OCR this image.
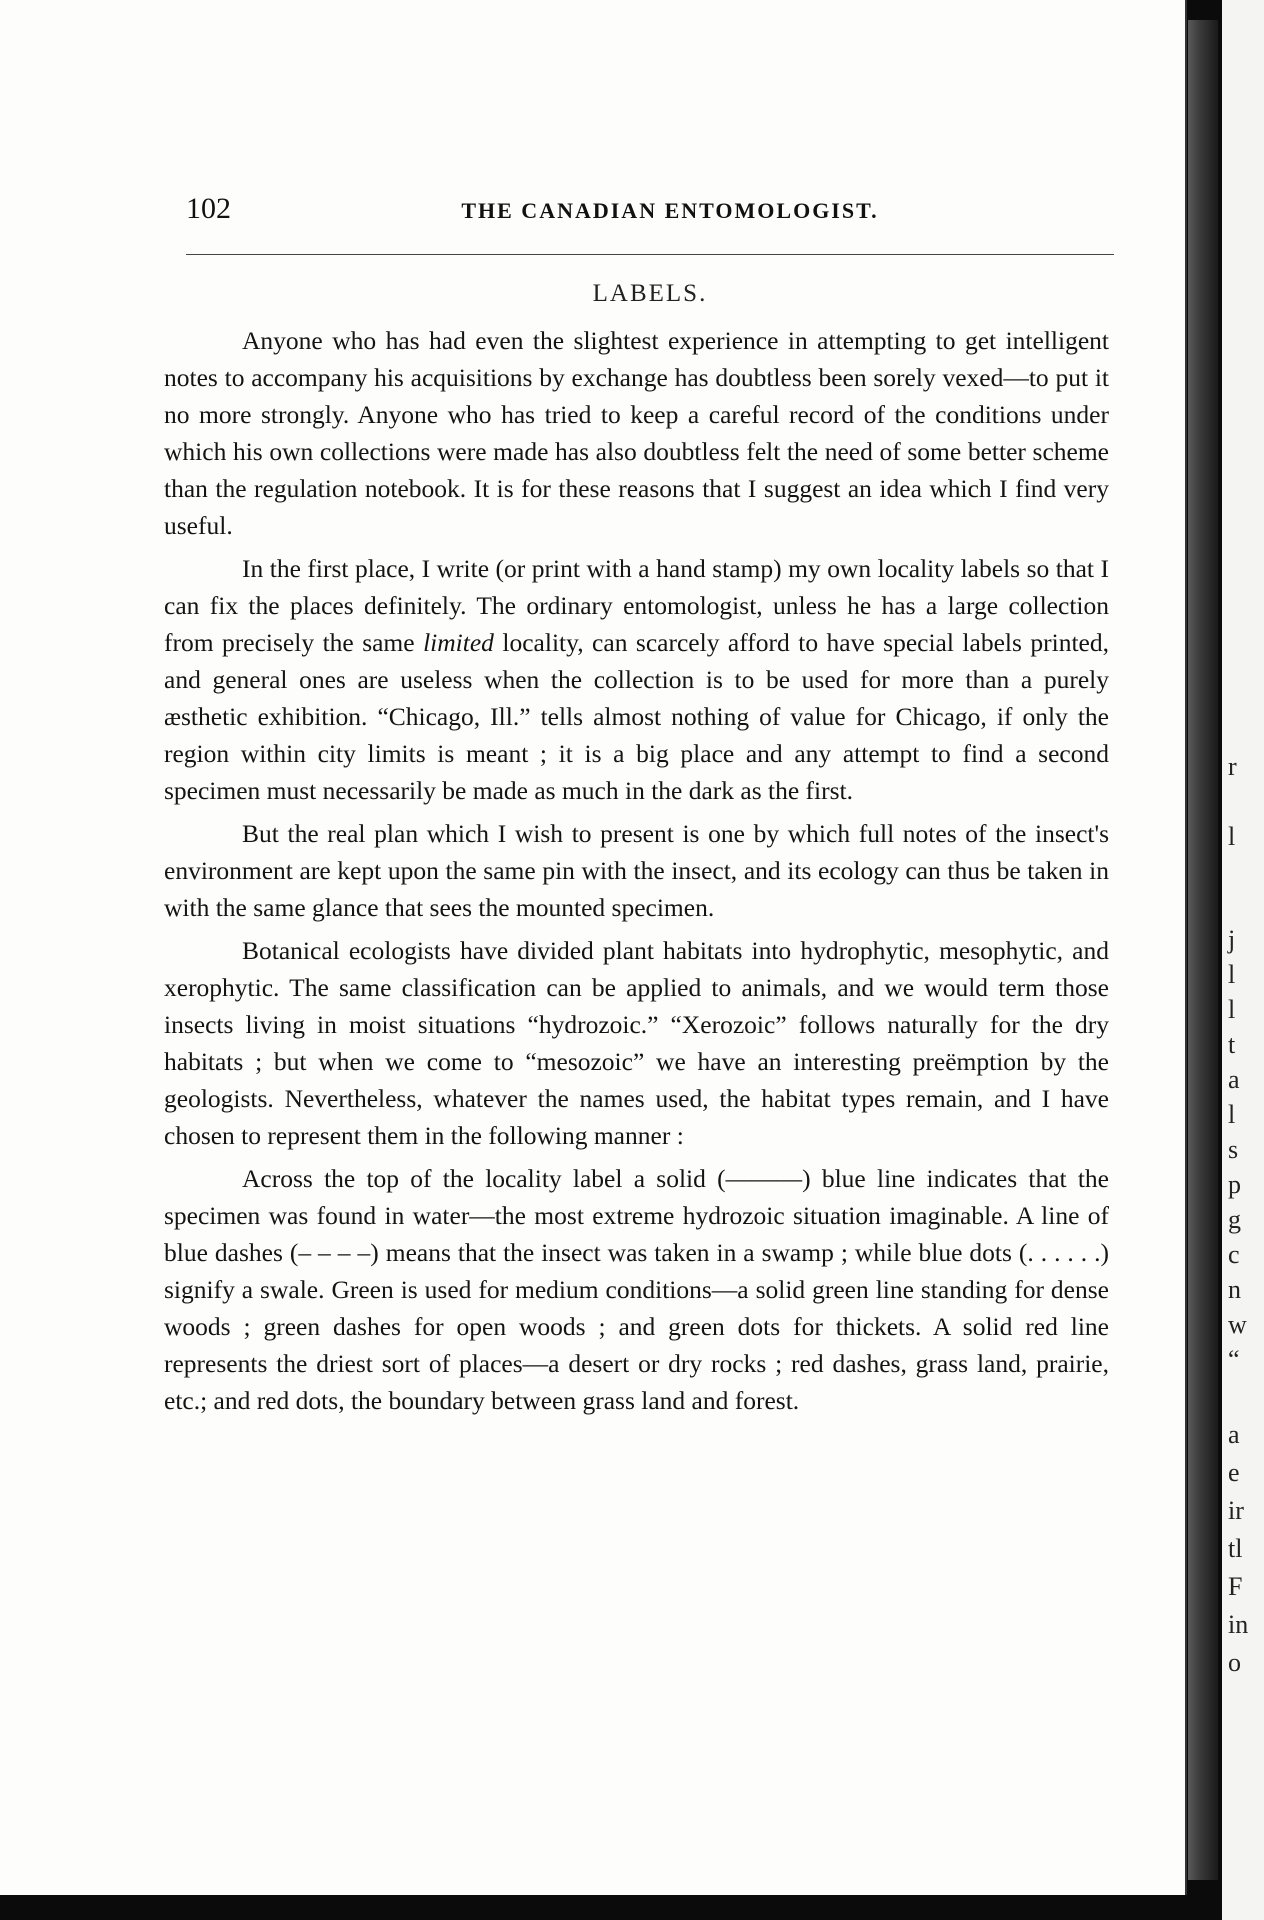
102	THE CANADIAN ENTOMOLOGIST.
LABELS.

Anyone who has had even the slightest experience in attempting to get intelligent notes to accompany his acquisitions by exchange has doubtless been sorely vexed—to put it no more strongly. Anyone who has tried to keep a careful record of the conditions under which his own collections were made has also doubtless felt the need of some better scheme than the regulation notebook. It is for these reasons that I suggest an idea which I find very useful.

In the first place, I write (or print with a hand stamp) my own locality labels so that I can fix the places definitely. The ordinary entomologist, unless he has a large collection from precisely the same limited locality, can scarcely afford to have special labels printed, and general ones are useless when the collection is to be used for more than a purely æsthetic exhibition. “Chicago, Ill.” tells almost nothing of value for Chicago, if only the region within city limits is meant ; it is a big place and any attempt to find a second specimen must necessarily be made as much in the dark as the first.

But the real plan which I wish to present is one by which full notes of the insect's environment are kept upon the same pin with the insect, and its ecology can thus be taken in with the same glance that sees the mounted specimen.

Botanical ecologists have divided plant habitats into hydrophytic, mesophytic, and xerophytic. The same classification can be applied to animals, and we would term those insects living in moist situations “hydrozoic.” “Xerozoic” follows naturally for the dry habitats ; but when we come to “mesozoic” we have an interesting preëmption by the geologists. Nevertheless, whatever the names used, the habitat types remain, and I have chosen to represent them in the following manner :

Across the top of the locality label a solid (———) blue line indicates that the specimen was found in water—the most extreme hydrozoic situation imaginable. A line of blue dashes (– – – –) means that the insect was taken in a swamp ; while blue dots (. . . . . .) signify a swale. Green is used for medium conditions—a solid green line standing for dense woods ; green dashes for open woods ; and green dots for thickets. A solid red line represents the driest sort of places—a desert or dry rocks ; red dashes, grass land, prairie, etc.; and red dots, the boundary between grass land and forest.

r
l
j
l
l
t
a
l
s
p
g
c
n
w
“
a
e
ir
tl
F
in
o
